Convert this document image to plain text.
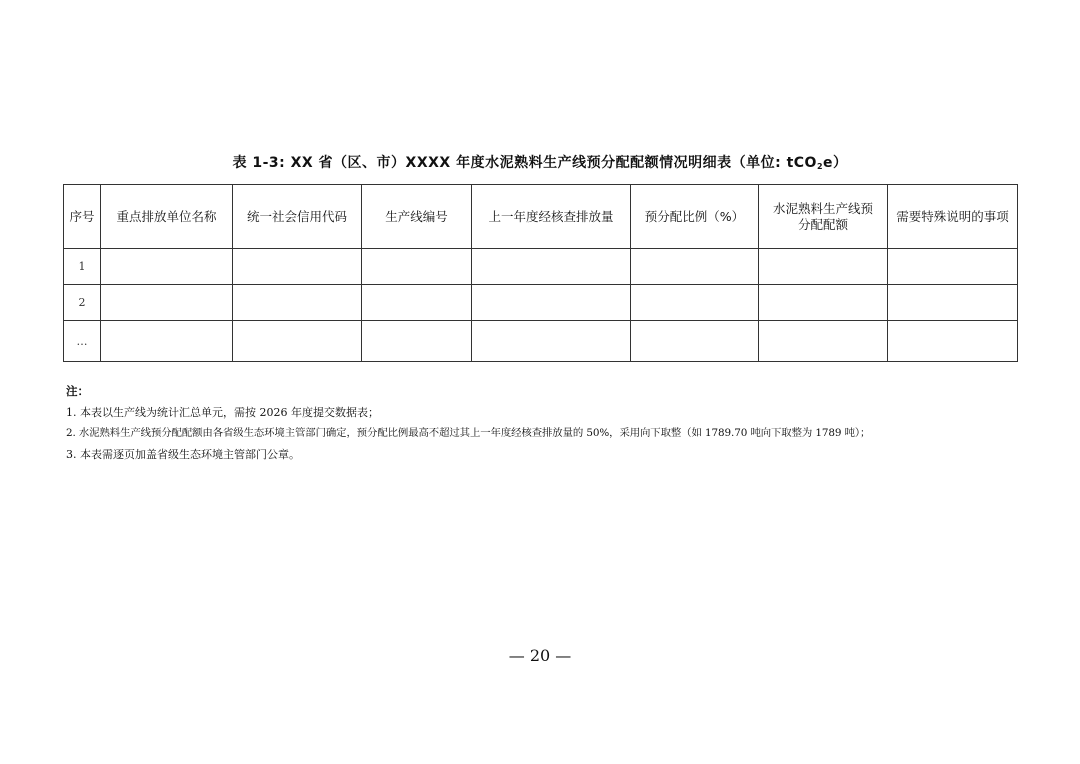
表 1-3: XX 省（区、市）XXXX 年度水泥熟料生产线预分配配额情况明细表（单位: tCO$_2$e）
序号	重点排放单位名称	统一社会信用代码	生产线编号	上一年度经核查排放量	预分配比例（%）	水泥熟料生产线预分配配额	需要特殊说明的事项
1							
2							
…							
注：
1. 本表以生产线为统计汇总单元，需按 2026 年度提交数据表；
2. 水泥熟料生产线预分配配额由各省级生态环境主管部门确定，预分配比例最高不超过其上一年度经核查排放量的 50%，采用向下取整（如 1789.70 吨向下取整为 1789 吨）；
3. 本表需逐页加盖省级生态环境主管部门公章。
— 20 —
